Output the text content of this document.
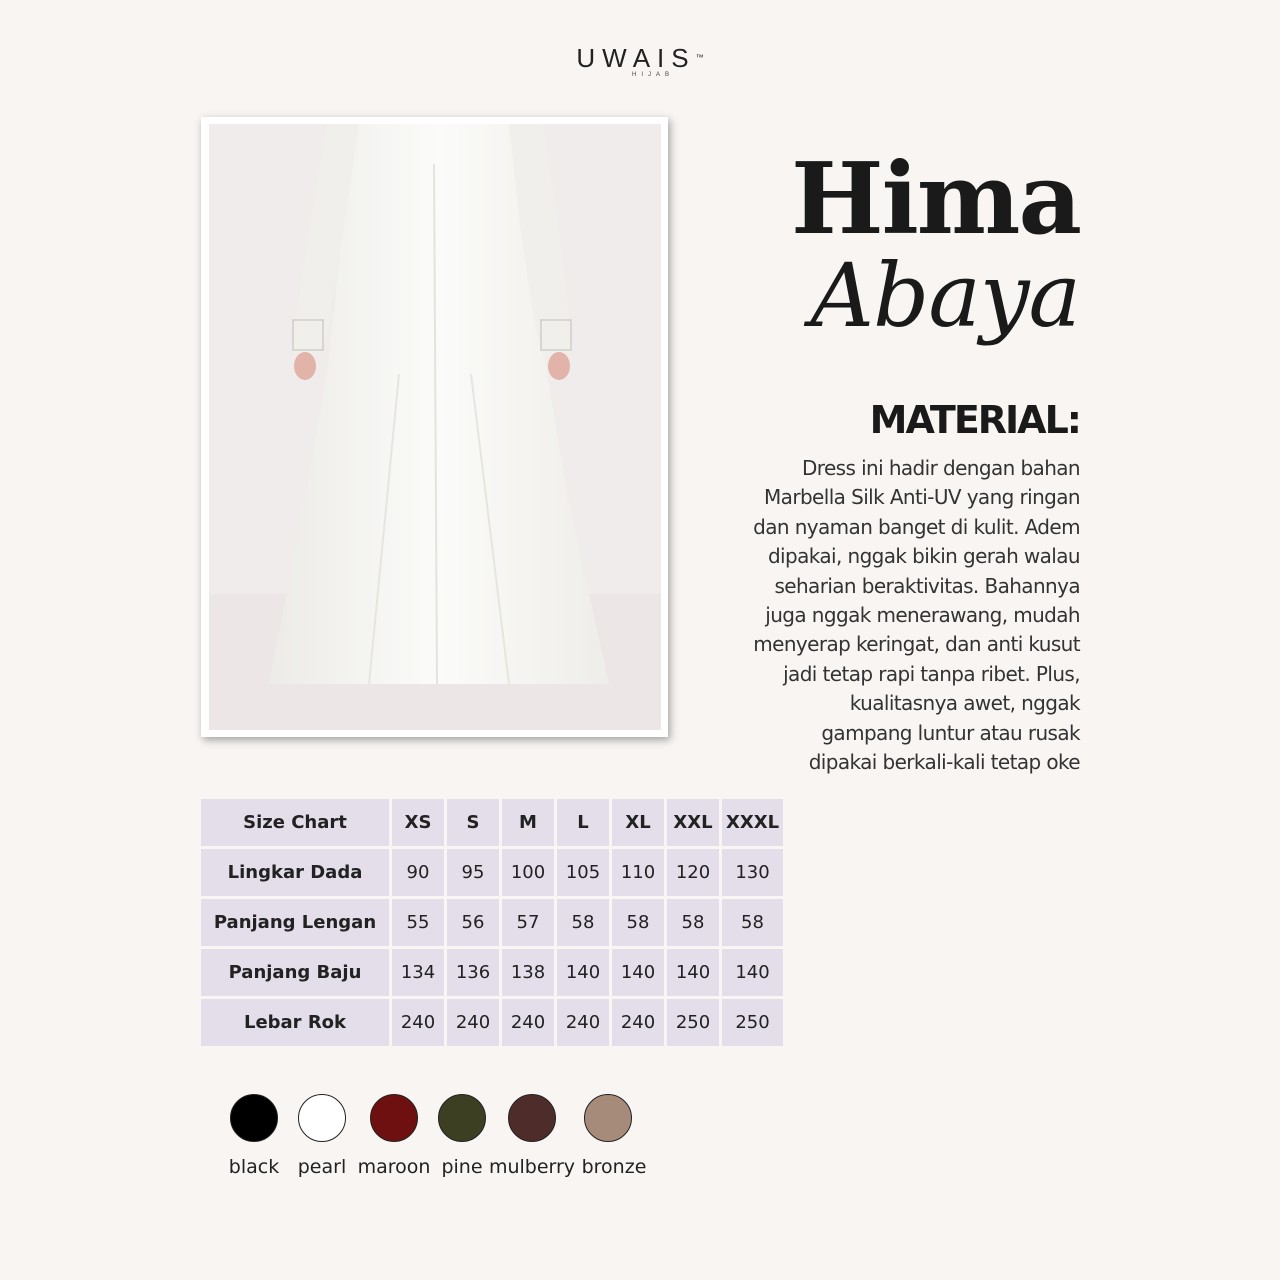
UWAIS™
HIJAB
Hima
Abaya
MATERIAL:
Dress ini hadir dengan bahan
Marbella Silk Anti-UV yang ringan
dan nyaman banget di kulit. Adem
dipakai, nggak bikin gerah walau
seharian beraktivitas. Bahannya
juga nggak menerawang, mudah
menyerap keringat, dan anti kusut
jadi tetap rapi tanpa ribet. Plus,
kualitasnya awet, nggak
gampang luntur atau rusak
dipakai berkali-kali tetap oke
Size Chart	XS	S	M	L	XL	XXL	XXXL
Lingkar Dada	90	95	100	105	110	120	130
Panjang Lengan	55	56	57	58	58	58	58
Panjang Baju	134	136	138	140	140	140	140
Lebar Rok	240	240	240	240	240	250	250
black pearl maroon pine mulberry bronze
